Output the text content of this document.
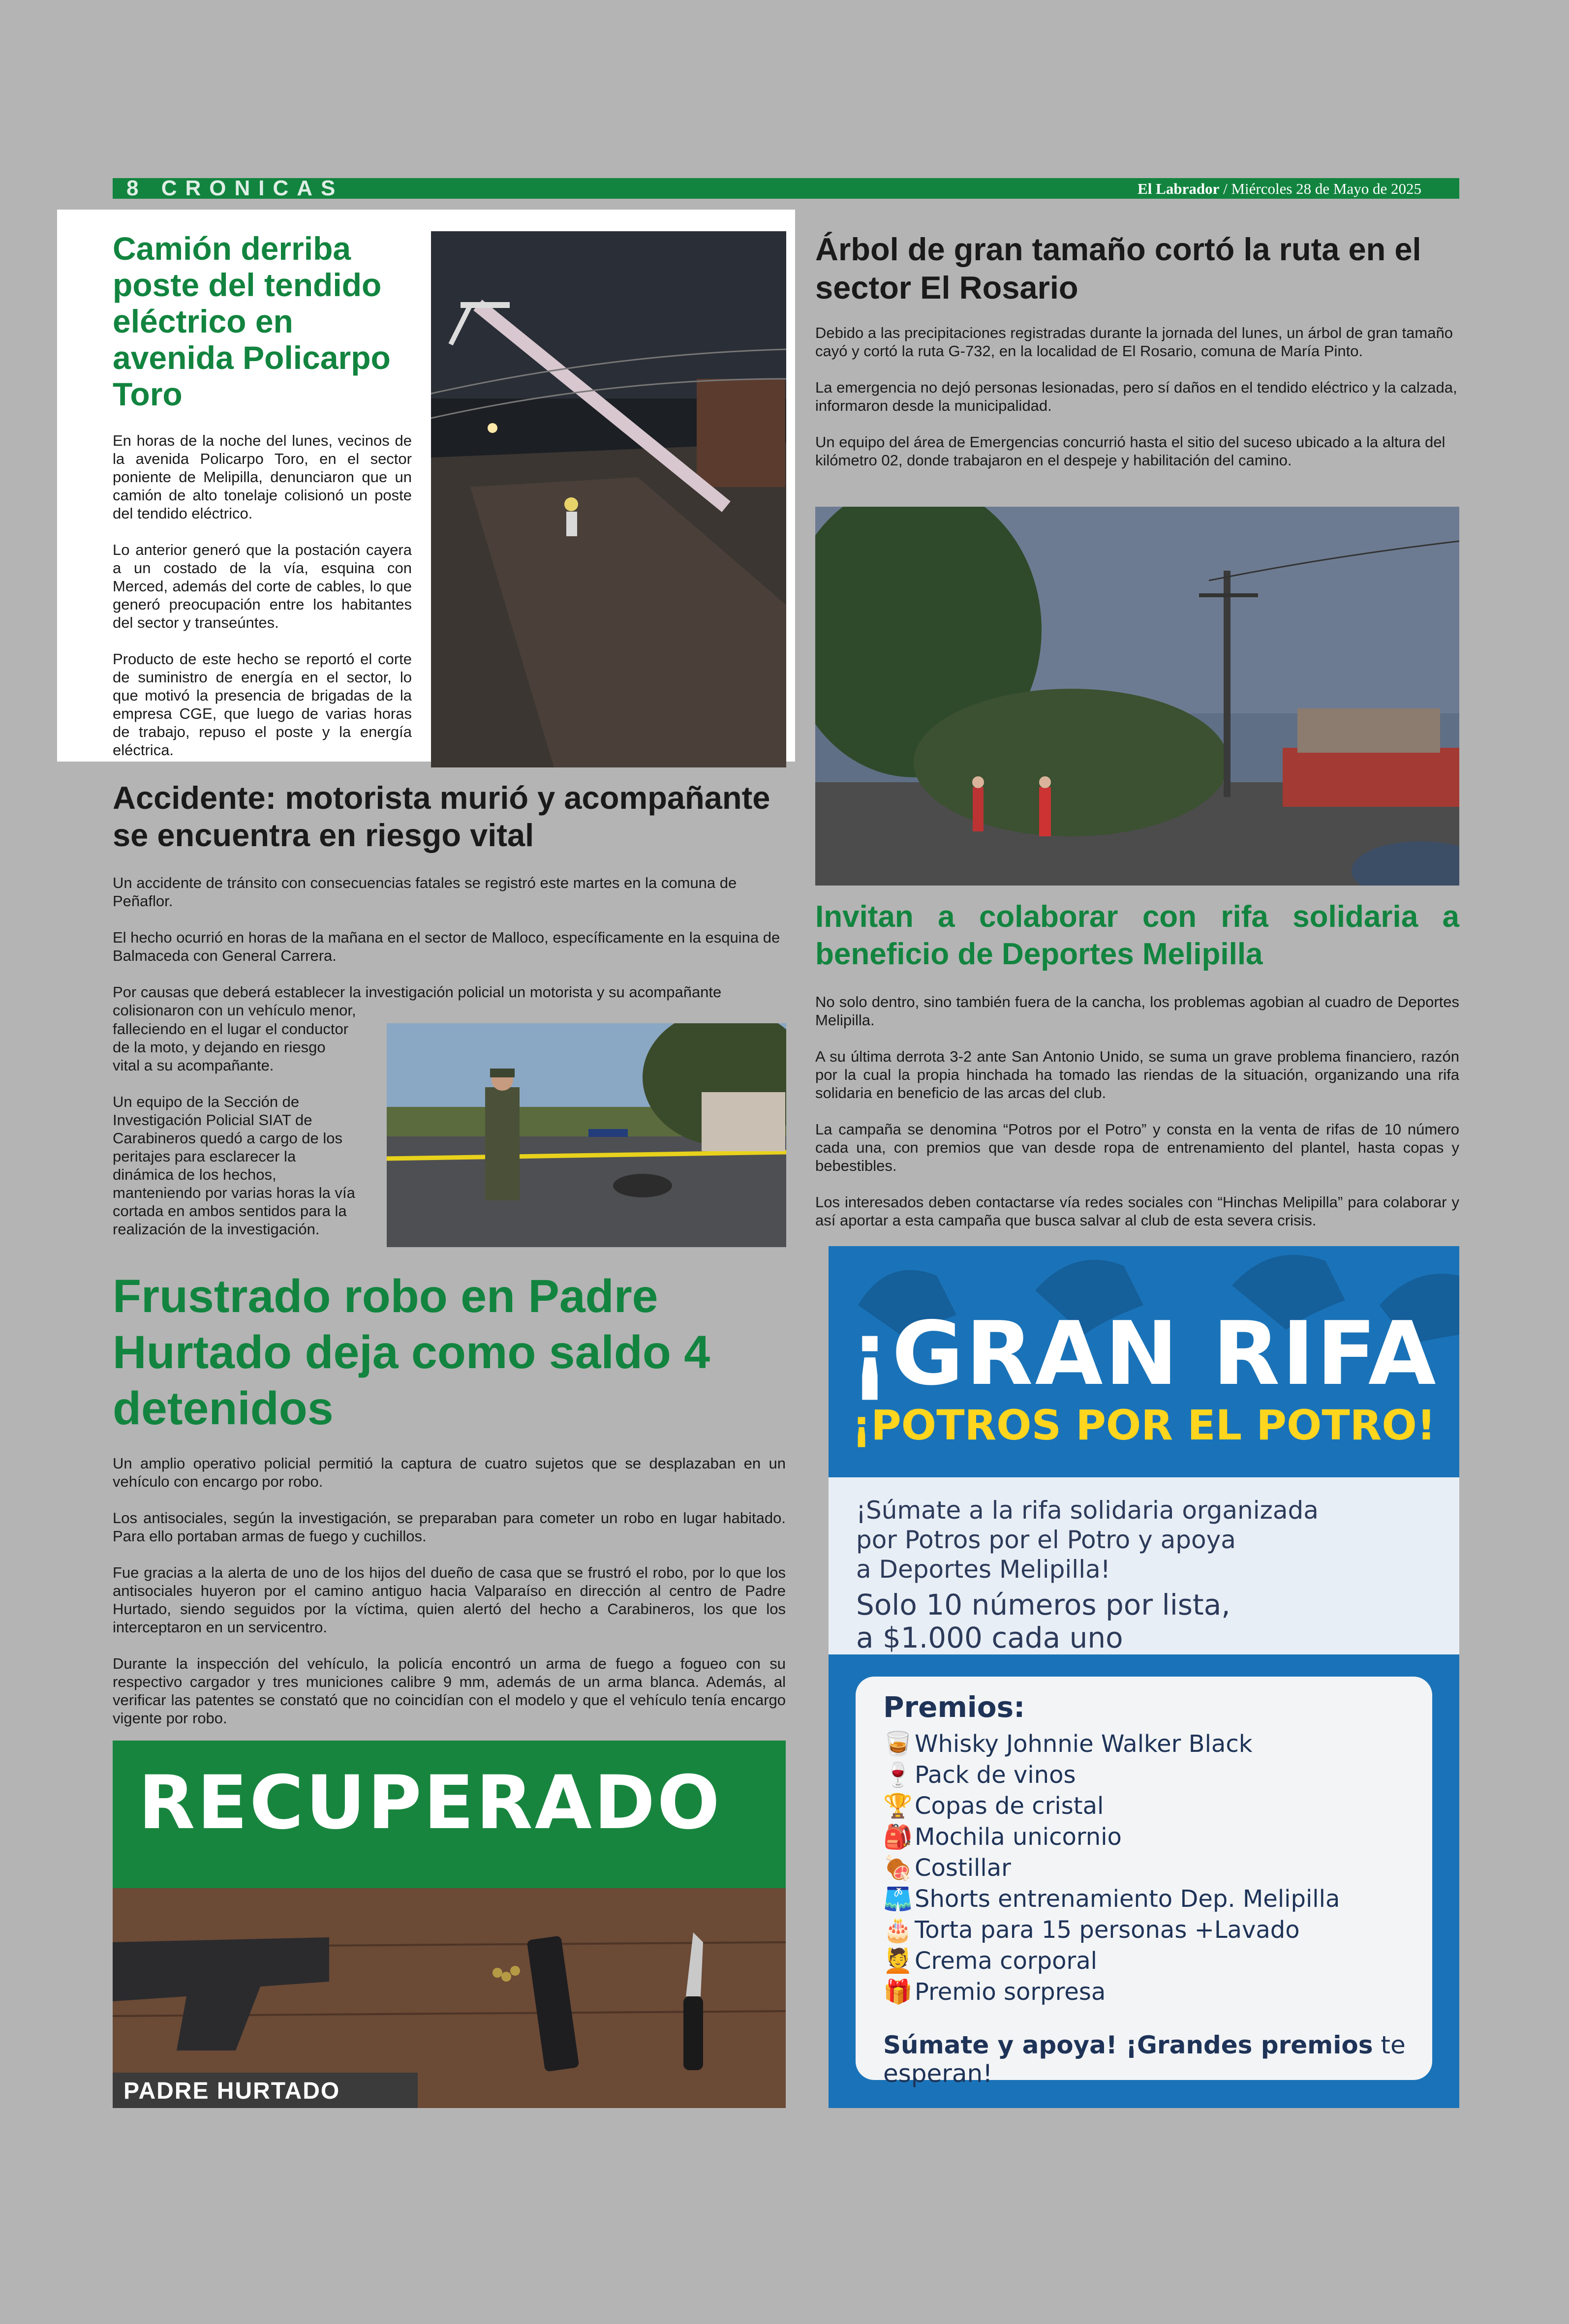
8 CRONICAS	El Labrador / Miércoles 28 de Mayo de 2025
Camión derriba poste del tendido eléctrico en avenida Policarpo Toro

En horas de la noche del lunes, vecinos de la avenida Policarpo Toro, en el sector poniente de Melipilla, denunciaron que un camión de alto tonelaje colisionó un poste del tendido eléctrico.

Lo anterior generó que la postación cayera a un costado de la vía, esquina con Merced, además del corte de cables, lo que generó preocupación entre los habitantes del sector y transeúntes.

Producto de este hecho se reportó el corte de suministro de energía en el sector, lo que motivó la presencia de brigadas de la empresa CGE, que luego de varias horas de trabajo, repuso el poste y la energía eléctrica.

Árbol de gran tamaño cortó la ruta en el sector El Rosario

Debido a las precipitaciones registradas durante la jornada del lunes, un árbol de gran tamaño cayó y cortó la ruta G-732, en la localidad de El Rosario, comuna de María Pinto.

La emergencia no dejó personas lesionadas, pero sí daños en el tendido eléctrico y la calzada, informaron desde la municipalidad.

Un equipo del área de Emergencias concurrió hasta el sitio del suceso ubicado a la altura del kilómetro 02, donde trabajaron en el despeje y habilitación del camino.

Accidente: motorista murió y acompañante se encuentra en riesgo vital

Un accidente de tránsito con consecuencias fatales se registró este martes en la comuna de Peñaflor.

El hecho ocurrió en horas de la mañana en el sector de Malloco, específicamente en la esquina de Balmaceda con General Carrera.

Por causas que deberá establecer la investigación policial un motorista y su acompañante colisionaron con un vehículo menor,

falleciendo en el lugar el conductor
de la moto, y dejando en riesgo
vital a su acompañante.
Un equipo de la Sección de
Investigación Policial SIAT de
Carabineros quedó a cargo de los
peritajes para esclarecer la
dinámica de los hechos,
manteniendo por varias horas la vía
cortada en ambos sentidos para la
realización de la investigación.
Invitan a colaborar con rifa solidaria a beneficio de Deportes Melipilla

No solo dentro, sino también fuera de la cancha, los problemas agobian al cuadro de Deportes Melipilla.

A su última derrota 3-2 ante San Antonio Unido, se suma un grave problema financiero, razón por la cual la propia hinchada ha tomado las riendas de la situación, organizando una rifa solidaria en beneficio de las arcas del club.

La campaña se denomina “Potros por el Potro” y consta en la venta de rifas de 10 número cada una, con premios que van desde ropa de entrenamiento del plantel, hasta copas y bebestibles.

Los interesados deben contactarse vía redes sociales con “Hinchas Melipilla” para colaborar y así aportar a esta campaña que busca salvar al club de esta severa crisis.

Frustrado robo en Padre Hurtado deja como saldo 4 detenidos

Un amplio operativo policial permitió la captura de cuatro sujetos que se desplazaban en un vehículo con encargo por robo.

Los antisociales, según la investigación, se preparaban para cometer un robo en lugar habitado. Para ello portaban armas de fuego y cuchillos.

Fue gracias a la alerta de uno de los hijos del dueño de casa que se frustró el robo, por lo que los antisociales huyeron por el camino antiguo hacia Valparaíso en dirección al centro de Padre Hurtado, siendo seguidos por la víctima, quien alertó del hecho a Carabineros, los que los interceptaron en un servicentro.

Durante la inspección del vehículo, la policía encontró un arma de fuego a fogueo con su respectivo cargador y tres municiones calibre 9 mm, además de un arma blanca. Además, al verificar las patentes se constató que no coincidían con el modelo y que el vehículo tenía encargo vigente por robo.

RECUPERADO
PADRE HURTADO
¡GRAN RIFA
¡POTROS POR EL POTRO!
¡Súmate a la rifa solidaria organizada
por Potros por el Potro y apoya
a Deportes Melipilla!
Solo 10 números por lista,
a $1.000 cada uno
Premios:
🥃Whisky Johnnie Walker Black
🍷Pack de vinos
🏆Copas de cristal
🎒Mochila unicornio
🍖Costillar
🩳Shorts entrenamiento Dep. Melipilla
🎂Torta para 15 personas +Lavado
💆Crema corporal
🎁Premio sorpresa
Súmate y apoya! ¡Grandes premios te esperan!
